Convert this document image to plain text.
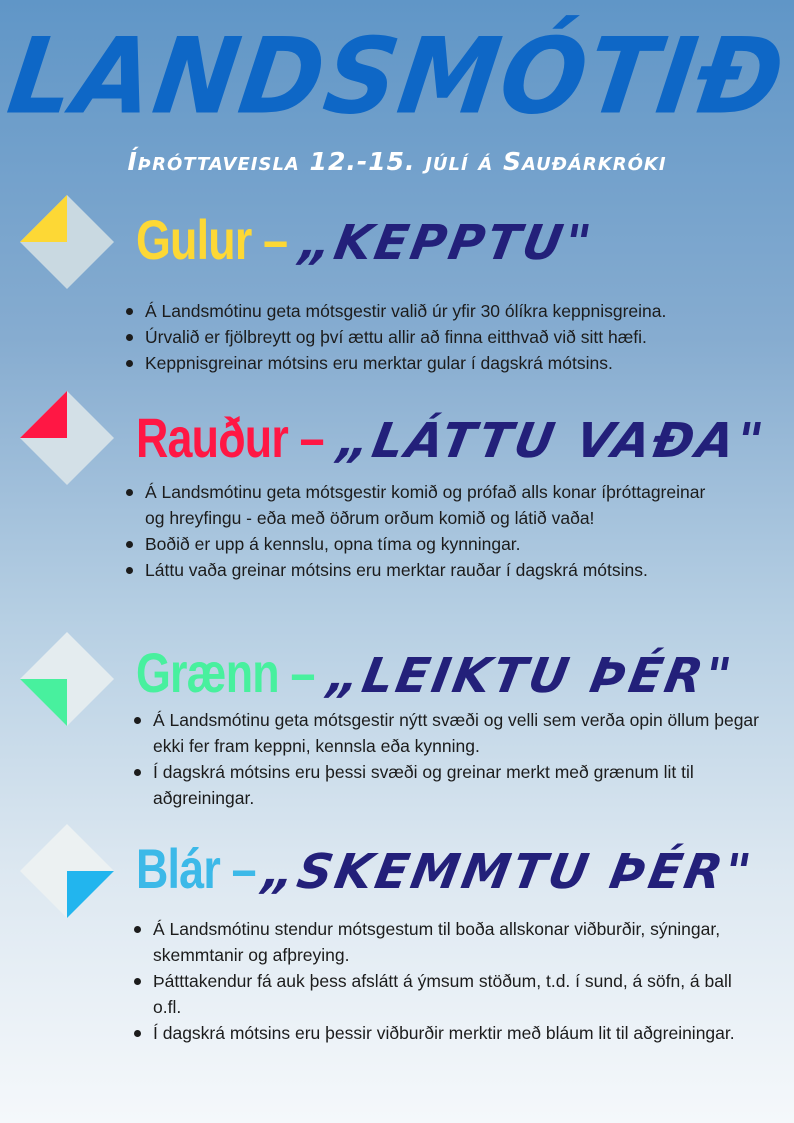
LANDSMÓTIÐ
Íþróttaveisla 12.-15. júlí á Sauðárkróki
Gulur –„KEPPTU"
Á Landsmótinu geta mótsgestir valið úr yfir 30 ólíkra keppnisgreina.
Úrvalið er fjölbreytt og því ættu allir að finna eitthvað við sitt hæfi.
Keppnisgreinar mótsins eru merktar gular í dagskrá mótsins.
Rauður –„LÁTTU VAÐA"
Á Landsmótinu geta mótsgestir komið og prófað alls konar íþróttagreinar og hreyfingu - eða með öðrum orðum komið og látið vaða!
Boðið er upp á kennslu, opna tíma og kynningar.
Láttu vaða greinar mótsins eru merktar rauðar í dagskrá mótsins.
Grænn –„LEIKTU ÞÉR"
Á Landsmótinu geta mótsgestir nýtt svæði og velli sem verða opin öllum þegar ekki fer fram keppni, kennsla eða kynning.
Í dagskrá mótsins eru þessi svæði og greinar merkt með grænum lit til aðgreiningar.
Blár –„SKEMMTU ÞÉR"
Á Landsmótinu stendur mótsgestum til boða allskonar viðburðir, sýningar, skemmtanir og afþreying.
Þátttakendur fá auk þess afslátt á ýmsum stöðum, t.d. í sund, á söfn, á ball o.fl.
Í dagskrá mótsins eru þessir viðburðir merktir með bláum lit til aðgreiningar.
